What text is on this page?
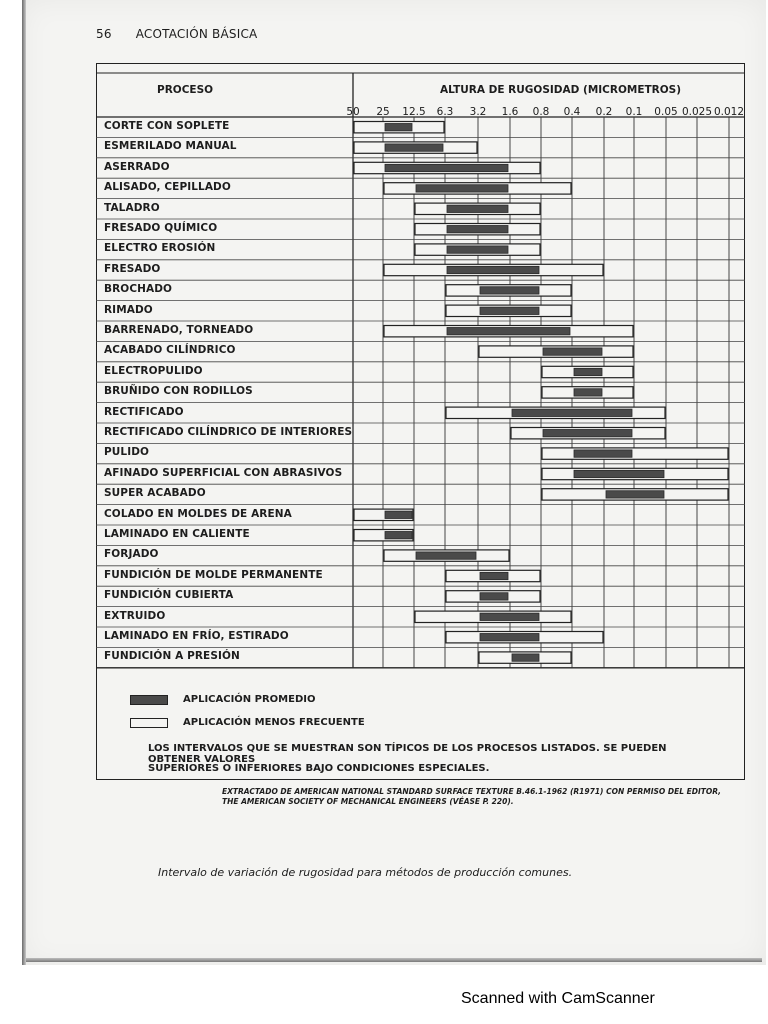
56 ACOTACIÓN BÁSICA
PROCESO	ALTURA DE RUGOSIDAD (MICROMETROS)
50 25 12.5 6.3 3.2 1.6 0.8 0.4 0.2 0.1 0.05 0.025 0.012
CORTE CON SOPLETE
ESMERILADO MANUAL
ASERRADO
ALISADO, CEPILLADO
TALADRO
FRESADO QUÍMICO
ELECTRO EROSIÓN
FRESADO
BROCHADO
RIMADO
BARRENADO, TORNEADO
ACABADO CILÍNDRICO
ELECTROPULIDO
BRUÑIDO CON RODILLOS
RECTIFICADO
RECTIFICADO CILÍNDRICO DE INTERIORES
PULIDO
AFINADO SUPERFICIAL CON ABRASIVOS
SUPER ACABADO
COLADO EN MOLDES DE ARENA
LAMINADO EN CALIENTE
FORJADO
FUNDICIÓN DE MOLDE PERMANENTE
FUNDICIÓN CUBIERTA
EXTRUIDO
LAMINADO EN FRÍO, ESTIRADO
FUNDICIÓN A PRESIÓN
APLICACIÓN PROMEDIO
APLICACIÓN MENOS FRECUENTE
LOS INTERVALOS QUE SE MUESTRAN SON TÍPICOS DE LOS PROCESOS LISTADOS. SE PUEDEN OBTENER VALORES
SUPERIORES O INFERIORES BAJO CONDICIONES ESPECIALES.
EXTRACTADO DE AMERICAN NATIONAL STANDARD SURFACE TEXTURE B.46.1-1962 (R1971) CON PERMISO DEL EDITOR,
THE AMERICAN SOCIETY OF MECHANICAL ENGINEERS (VÉASE P. 220).
Intervalo de variación de rugosidad para métodos de producción comunes.
Scanned with CamScanner
